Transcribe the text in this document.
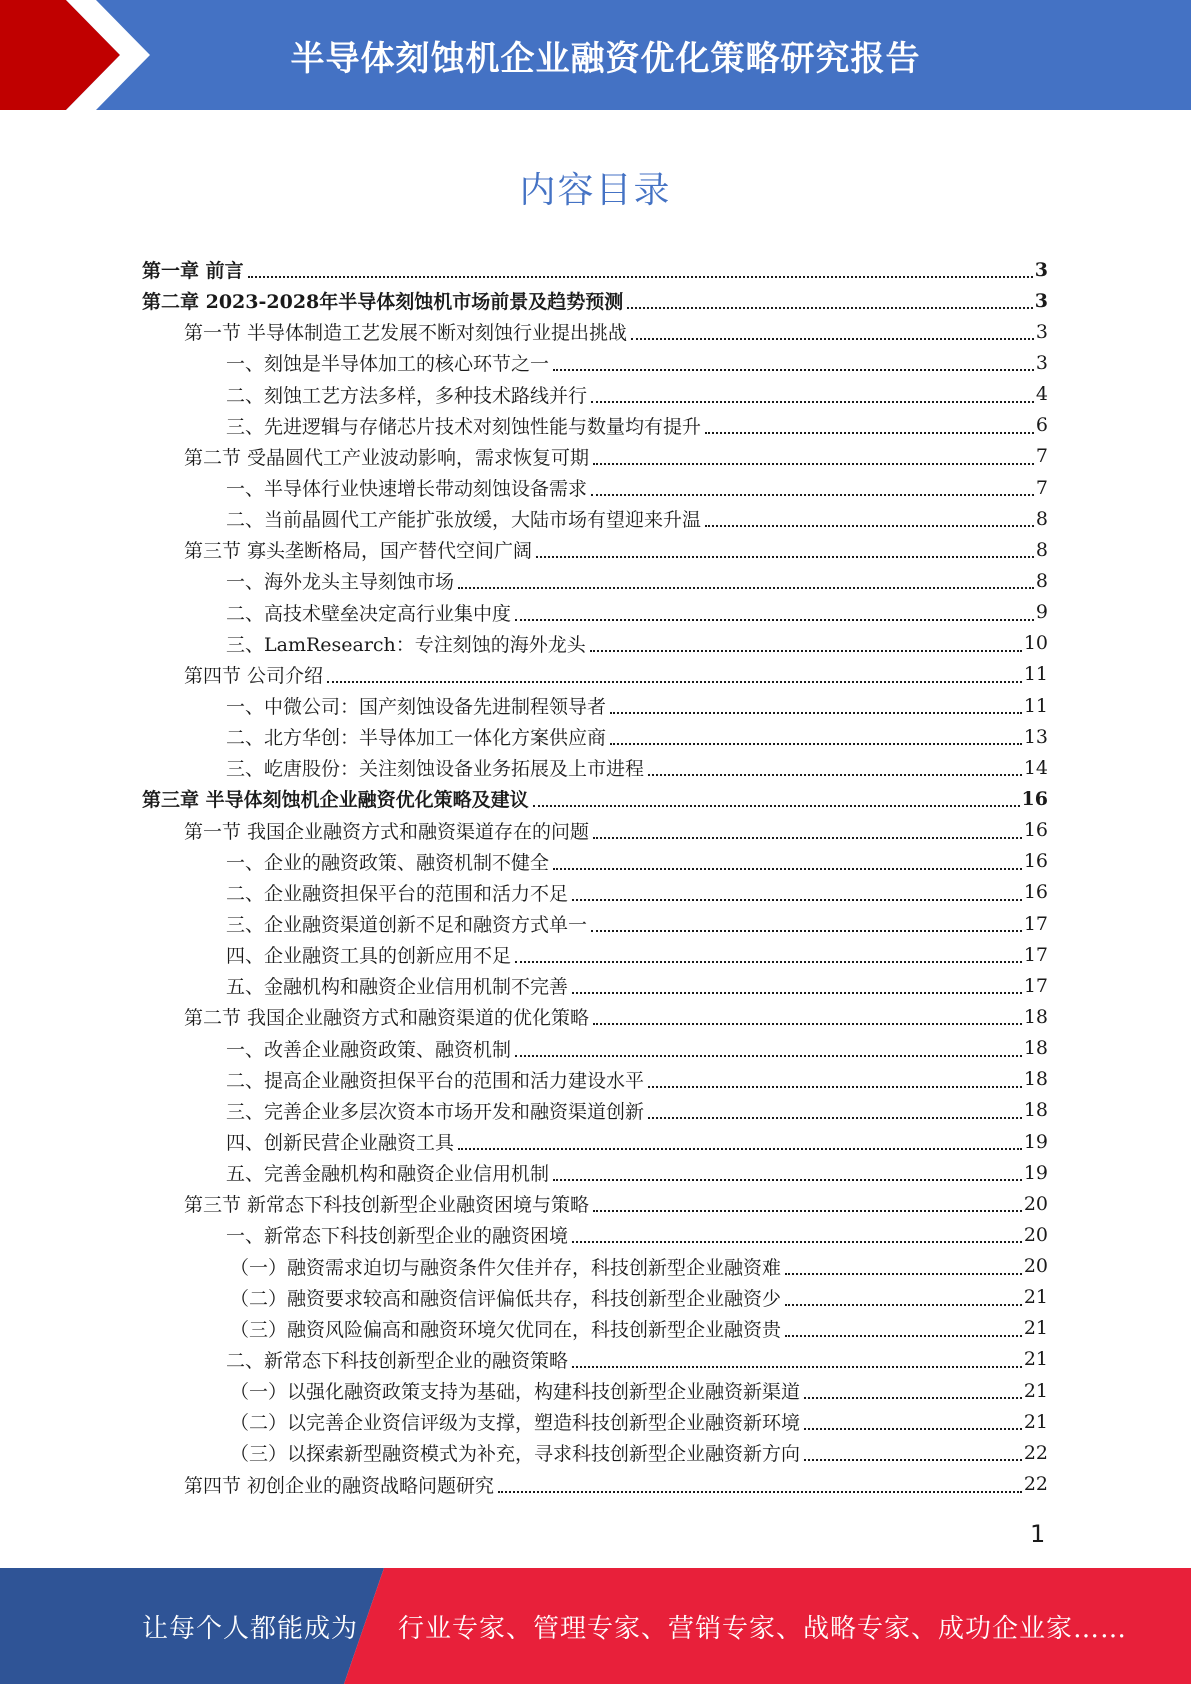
半导体刻蚀机企业融资优化策略研究报告
内容目录
第一章 前言	3
第二章 2023-2028年半导体刻蚀机市场前景及趋势预测	3
第一节 半导体制造工艺发展不断对刻蚀行业提出挑战	3
一、刻蚀是半导体加工的核心环节之一	3
二、刻蚀工艺方法多样，多种技术路线并行	4
三、先进逻辑与存储芯片技术对刻蚀性能与数量均有提升	6
第二节 受晶圆代工产业波动影响，需求恢复可期	7
一、半导体行业快速增长带动刻蚀设备需求	7
二、当前晶圆代工产能扩张放缓，大陆市场有望迎来升温	8
第三节 寡头垄断格局，国产替代空间广阔	8
一、海外龙头主导刻蚀市场	8
二、高技术壁垒决定高行业集中度	9
三、LamResearch：专注刻蚀的海外龙头	10
第四节 公司介绍	11
一、中微公司：国产刻蚀设备先进制程领导者	11
二、北方华创：半导体加工一体化方案供应商	13
三、屹唐股份：关注刻蚀设备业务拓展及上市进程	14
第三章 半导体刻蚀机企业融资优化策略及建议	16
第一节 我国企业融资方式和融资渠道存在的问题	16
一、企业的融资政策、融资机制不健全	16
二、企业融资担保平台的范围和活力不足	16
三、企业融资渠道创新不足和融资方式单一	17
四、企业融资工具的创新应用不足	17
五、金融机构和融资企业信用机制不完善	17
第二节 我国企业融资方式和融资渠道的优化策略	18
一、改善企业融资政策、融资机制	18
二、提高企业融资担保平台的范围和活力建设水平	18
三、完善企业多层次资本市场开发和融资渠道创新	18
四、创新民营企业融资工具	19
五、完善金融机构和融资企业信用机制	19
第三节 新常态下科技创新型企业融资困境与策略	20
一、新常态下科技创新型企业的融资困境	20
（一）融资需求迫切与融资条件欠佳并存，科技创新型企业融资难	20
（二）融资要求较高和融资信评偏低共存，科技创新型企业融资少	21
（三）融资风险偏高和融资环境欠优同在，科技创新型企业融资贵	21
二、新常态下科技创新型企业的融资策略	21
（一）以强化融资政策支持为基础，构建科技创新型企业融资新渠道	21
（二）以完善企业资信评级为支撑，塑造科技创新型企业融资新环境	21
（三）以探索新型融资模式为补充，寻求科技创新型企业融资新方向	22
第四节 初创企业的融资战略问题研究	22
1
让每个人都能成为 行业专家、管理专家、营销专家、战略专家、成功企业家……
